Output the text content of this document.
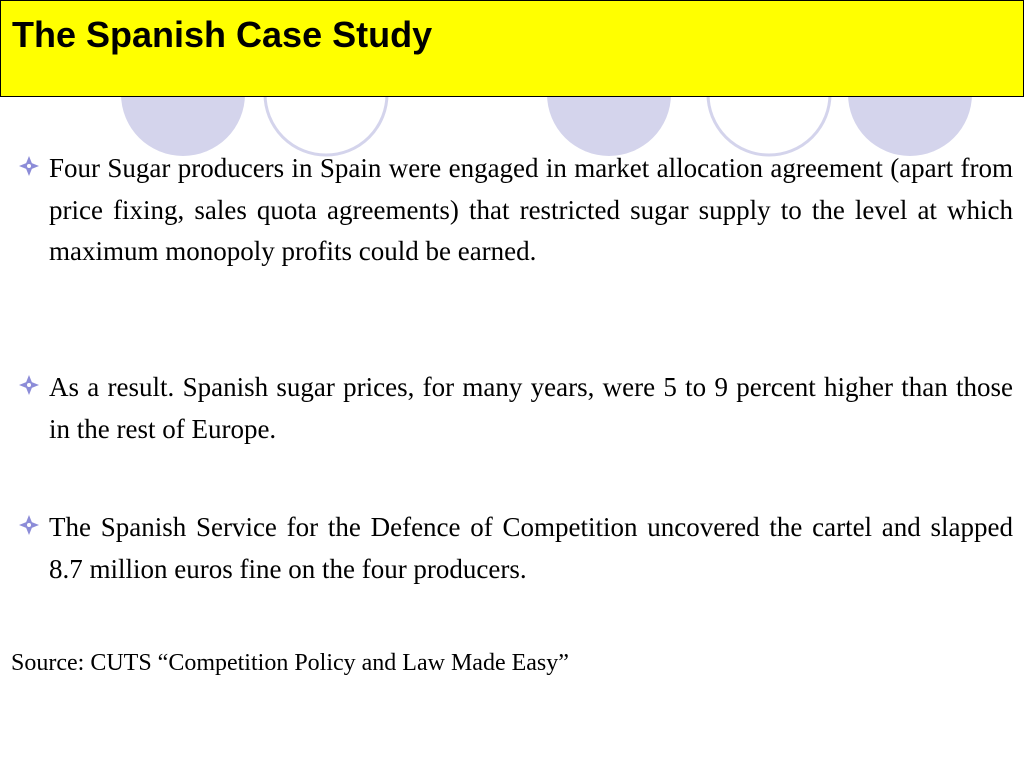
The Spanish Case Study

Four Sugar producers in Spain were engaged in market allocation agreement (apart from price fixing, sales quota agreements) that restricted sugar supply to the level at which maximum monopoly profits could be earned.

As a result. Spanish sugar prices, for many years, were 5 to 9 percent higher than those in the rest of Europe.

The Spanish Service for the Defence of Competition uncovered the cartel and slapped 8.7 million euros fine on the four producers.

Source: CUTS “Competition Policy and Law Made Easy”
